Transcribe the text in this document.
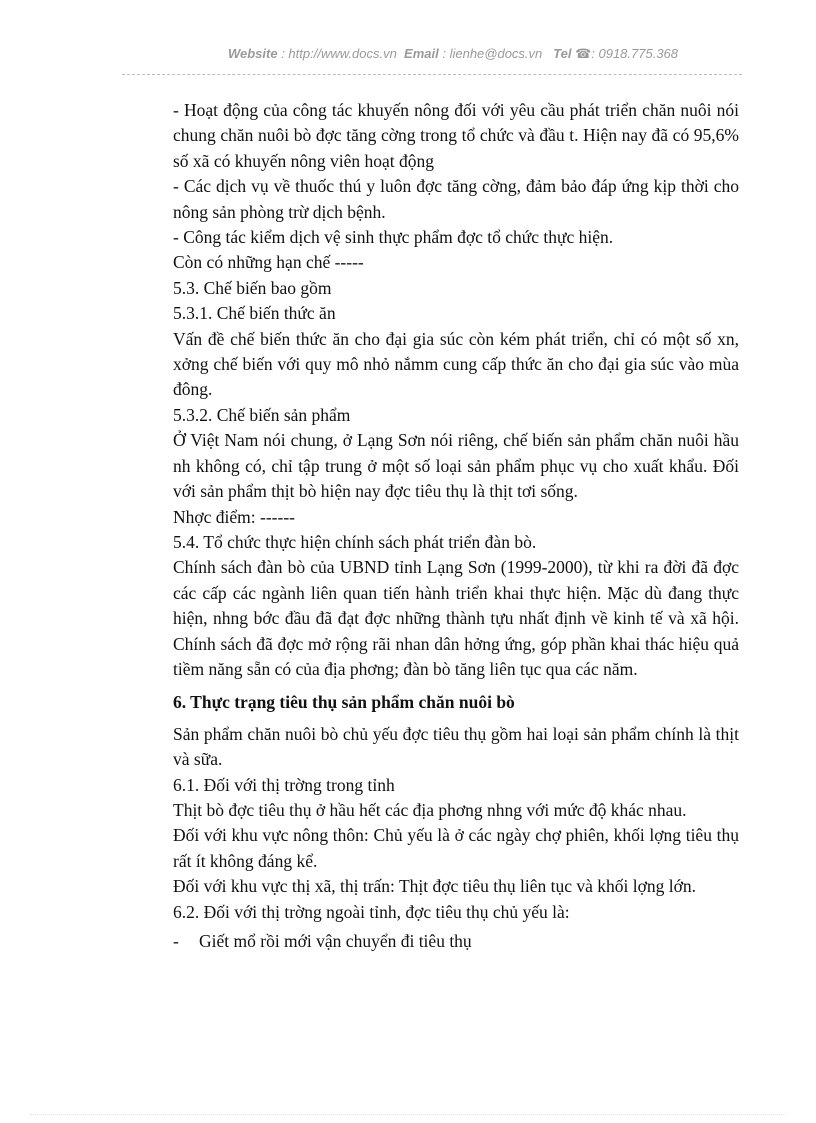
Website : http://www.docs.vn Email : lienhe@docs.vn Tel ☎: 0918.775.368

- Hoạt động của công tác khuyến nông đối với yêu cầu phát triển chăn nuôi nói chung chăn nuôi bò đợc tăng cờng trong tổ chức và đầu t. Hiện nay đã có 95,6% số xã có khuyến nông viên hoạt động

- Các dịch vụ về thuốc thú y luôn đợc tăng cờng, đảm bảo đáp ứng kịp thời cho nông sản phòng trừ dịch bệnh.

- Công tác kiểm dịch vệ sinh thực phẩm đợc tổ chức thực hiện.

Còn có những hạn chế -----

5.3. Chế biến bao gồm

5.3.1. Chế biến thức ăn

Vấn đề chế biến thức ăn cho đại gia súc còn kém phát triển, chỉ có một số xn, xởng chế biến với quy mô nhỏ nắmm cung cấp thức ăn cho đại gia súc vào mùa đông.

5.3.2. Chế biến sản phẩm

Ở Việt Nam nói chung, ở Lạng Sơn nói riêng, chế biến sản phẩm chăn nuôi hầu nh không có, chỉ tập trung ở một số loại sản phẩm phục vụ cho xuất khẩu. Đối với sản phẩm thịt bò hiện nay đợc tiêu thụ là thịt tơi sống.

Nhợc điểm: ------

5.4. Tổ chức thực hiện chính sách phát triển đàn bò.

Chính sách đàn bò của UBND tỉnh Lạng Sơn (1999-2000), từ khi ra đời đã đợc các cấp các ngành liên quan tiến hành triển khai thực hiện. Mặc dù đang thực hiện, nhng bớc đầu đã đạt đợc những thành tựu nhất định về kinh tế và xã hội. Chính sách đã đợc mở rộng rãi nhan dân hởng ứng, góp phần khai thác hiệu quả tiềm năng sẵn có của địa phơng; đàn bò tăng liên tục qua các năm.

6. Thực trạng tiêu thụ sản phẩm chăn nuôi bò

Sản phẩm chăn nuôi bò chủ yếu đợc tiêu thụ gồm hai loại sản phẩm chính là thịt và sữa.

6.1. Đối với thị trờng trong tỉnh

Thịt bò đợc tiêu thụ ở hầu hết các địa phơng nhng với mức độ khác nhau.

Đối với khu vực nông thôn: Chủ yếu là ở các ngày chợ phiên, khối lợng tiêu thụ rất ít không đáng kể.

Đối với khu vực thị xã, thị trấn: Thịt đợc tiêu thụ liên tục và khối lợng lớn.

6.2. Đối với thị trờng ngoài tỉnh, đợc tiêu thụ chủ yếu là:

-	Giết mổ rồi mới vận chuyển đi tiêu thụ
